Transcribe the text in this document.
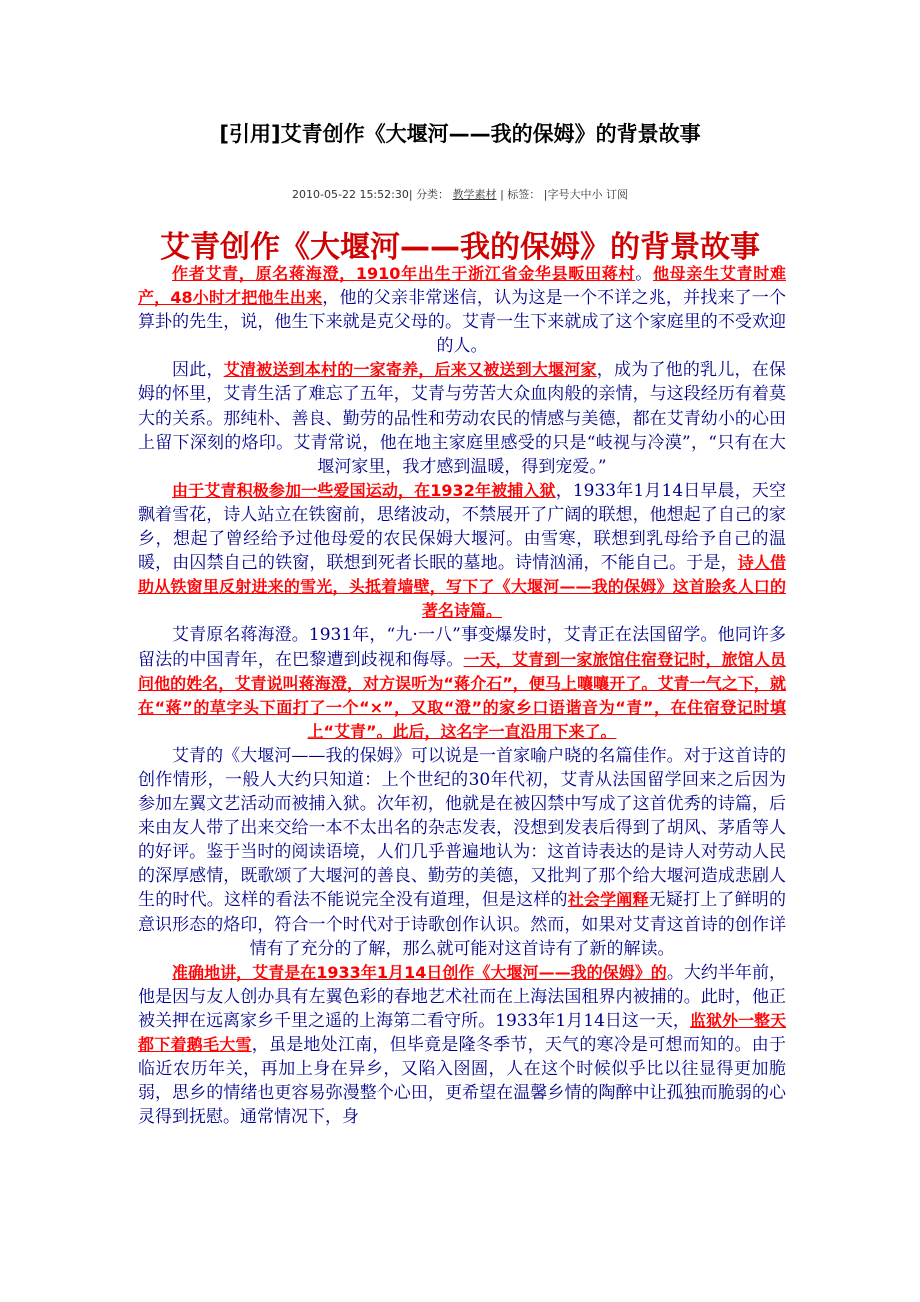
[引用]艾青创作《大堰河——我的保姆》的背景故事
2010-05-22 15:52:30| 分类： 教学素材 | 标签： |字号大中小 订阅
艾青创作《大堰河——我的保姆》的背景故事

作者艾青，原名蒋海澄，1910年出生于浙江省金华县畈田蒋村。他母亲生艾青时难产，48小时才把他生出来，他的父亲非常迷信，认为这是一个不详之兆，并找来了一个算卦的先生，说，他生下来就是克父母的。艾青一生下来就成了这个家庭里的不受欢迎的人。

因此，艾清被送到本村的一家寄养，后来又被送到大堰河家，成为了他的乳儿，在保姆的怀里，艾青生活了难忘了五年，艾青与劳苦大众血肉般的亲情，与这段经历有着莫大的关系。那纯朴、善良、勤劳的品性和劳动农民的情感与美德，都在艾青幼小的心田上留下深刻的烙印。艾青常说，他在地主家庭里感受的只是“岐视与冷漠”，“只有在大堰河家里，我才感到温暖，得到宠爱。”

由于艾青积极参加一些爱国运动，在1932年被捕入狱，1933年1月14日早晨，天空飘着雪花，诗人站立在铁窗前，思绪波动，不禁展开了广阔的联想，他想起了自己的家乡，想起了曾经给予过他母爱的农民保姆大堰河。由雪寒，联想到乳母给予自己的温暖，由囚禁自己的铁窗，联想到死者长眠的墓地。诗情汹涌，不能自己。于是，诗人借助从铁窗里反射进来的雪光，头抵着墙壁，写下了《大堰河——我的保姆》这首脍炙人口的著名诗篇。

艾青原名蒋海澄。1931年，“九·一八”事变爆发时，艾青正在法国留学。他同许多留法的中国青年，在巴黎遭到歧视和侮辱。一天，艾青到一家旅馆住宿登记时，旅馆人员问他的姓名，艾青说叫蒋海澄，对方误听为“蒋介石”，便马上嚷嚷开了。艾青一气之下，就在“蒋”的草字头下面打了一个“×”，又取“澄”的家乡口语谐音为“青”，在住宿登记时填上“艾青”。此后，这名字一直沿用下来了。

艾青的《大堰河——我的保姆》可以说是一首家喻户晓的名篇佳作。对于这首诗的创作情形，一般人大约只知道：上个世纪的30年代初，艾青从法国留学回来之后因为参加左翼文艺活动而被捕入狱。次年初，他就是在被囚禁中写成了这首优秀的诗篇，后来由友人带了出来交给一本不太出名的杂志发表，没想到发表后得到了胡风、茅盾等人的好评。鉴于当时的阅读语境，人们几乎普遍地认为：这首诗表达的是诗人对劳动人民的深厚感情，既歌颂了大堰河的善良、勤劳的美德，又批判了那个给大堰河造成悲剧人生的时代。这样的看法不能说完全没有道理，但是这样的社会学阐释无疑打上了鲜明的意识形态的烙印，符合一个时代对于诗歌创作认识。然而，如果对艾青这首诗的创作详情有了充分的了解，那么就可能对这首诗有了新的解读。

准确地讲，艾青是在1933年1月14日创作《大堰河——我的保姆》的。大约半年前，他是因与友人创办具有左翼色彩的春地艺术社而在上海法国租界内被捕的。此时，他正被关押在远离家乡千里之遥的上海第二看守所。1933年1月14日这一天，监狱外一整天都下着鹅毛大雪，虽是地处江南，但毕竟是隆冬季节，天气的寒冷是可想而知的。由于临近农历年关，再加上身在异乡，又陷入囹圄，人在这个时候似乎比以往显得更加脆弱，思乡的情绪也更容易弥漫整个心田，更希望在温馨乡情的陶醉中让孤独而脆弱的心灵得到抚慰。通常情况下，身
